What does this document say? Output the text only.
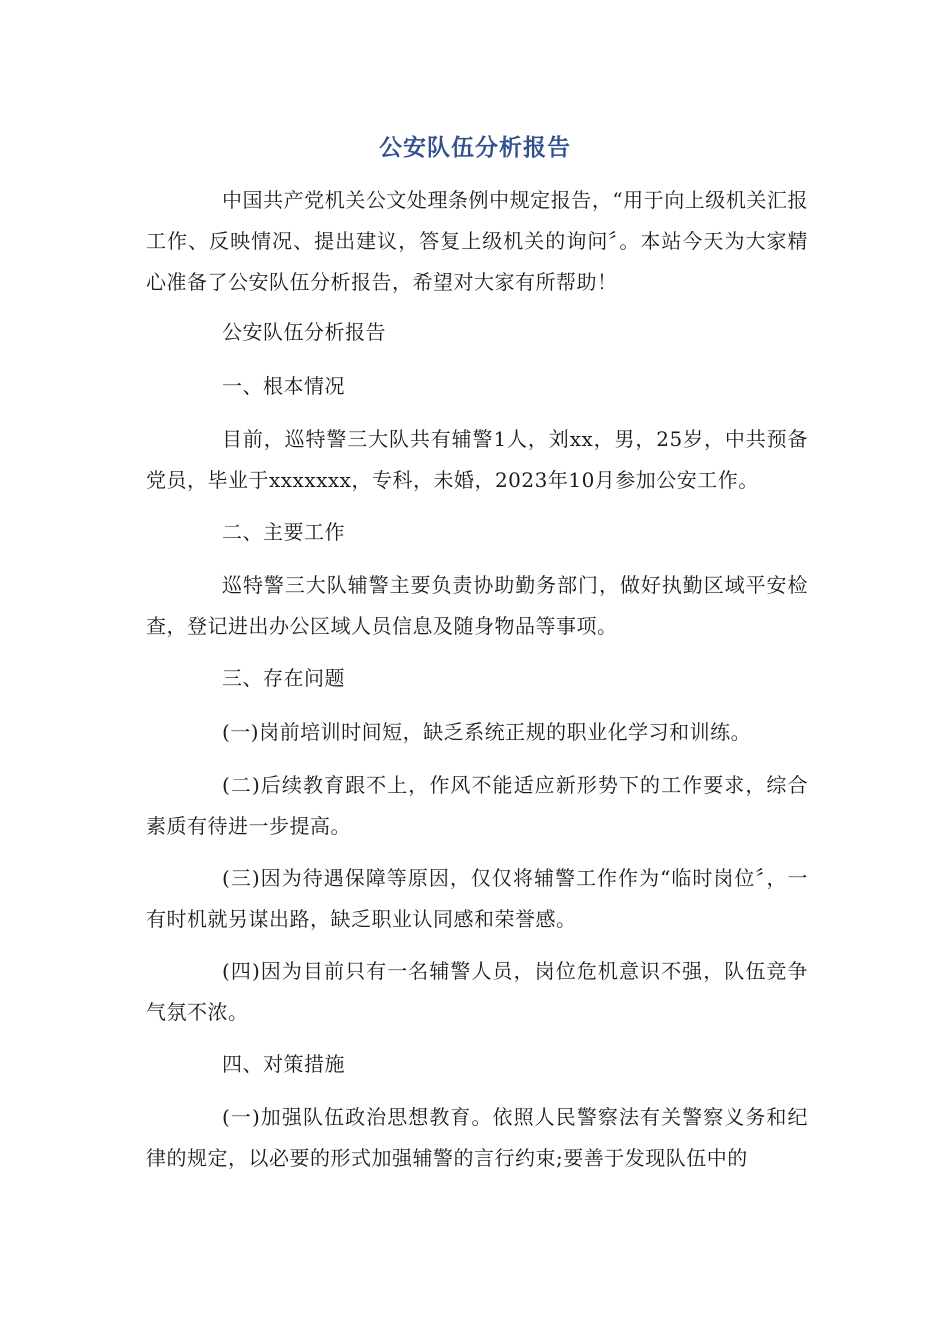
公安队伍分析报告
中国共产党机关公文处理条例中规定报告，“用于向上级机关汇报工作、反映情况、提出建议，答复上级机关的询问〞。本站今天为大家精心准备了公安队伍分析报告，希望对大家有所帮助！
公安队伍分析报告
一、根本情况
目前，巡特警三大队共有辅警1人，刘xx，男，25岁，中共预备党员，毕业于xxxxxxx，专科，未婚，2023年10月参加公安工作。
二、主要工作
巡特警三大队辅警主要负责协助勤务部门，做好执勤区域平安检查，登记进出办公区域人员信息及随身物品等事项。
三、存在问题
(一)岗前培训时间短，缺乏系统正规的职业化学习和训练。
(二)后续教育跟不上，作风不能适应新形势下的工作要求，综合素质有待进一步提高。
(三)因为待遇保障等原因，仅仅将辅警工作作为“临时岗位〞，一有时机就另谋出路，缺乏职业认同感和荣誉感。
(四)因为目前只有一名辅警人员，岗位危机意识不强，队伍竞争气氛不浓。
四、对策措施
(一)加强队伍政治思想教育。依照人民警察法有关警察义务和纪律的规定，以必要的形式加强辅警的言行约束;要善于发现队伍中的
